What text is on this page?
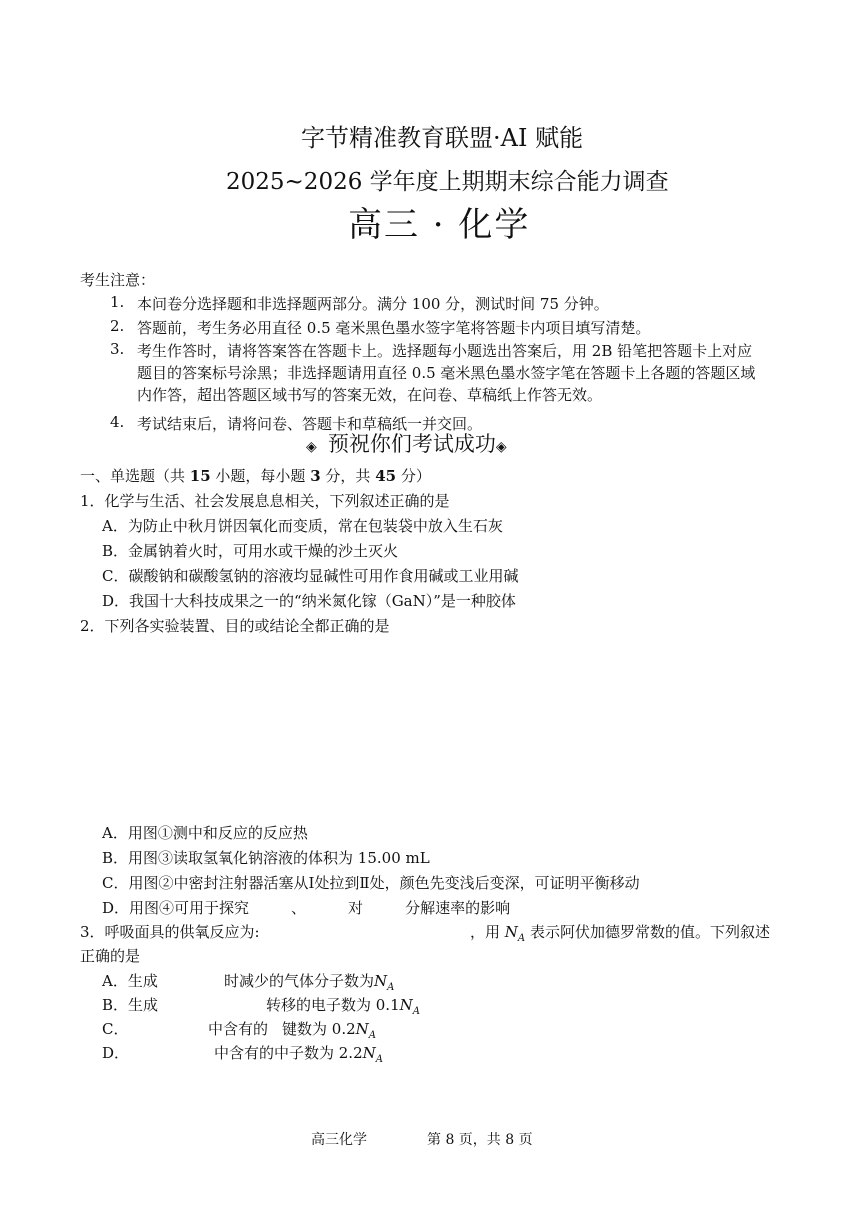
字节精准教育联盟·AI 赋能
2025~2026 学年度上期期末综合能力调查
高三 · 化学
考生注意：
1. 本问卷分选择题和非选择题两部分。满分 100 分，测试时间 75 分钟。
2. 答题前，考生务必用直径 0.5 毫米黑色墨水签字笔将答题卡内项目填写清楚。
3. 考生作答时，请将答案答在答题卡上。选择题每小题选出答案后，用 2B 铅笔把答题卡上对应
题目的答案标号涂黑；非选择题请用直径 0.5 毫米黑色墨水签字笔在答题卡上各题的答题区域
内作答，超出答题区域书写的答案无效，在问卷、草稿纸上作答无效。
4. 考试结束后，请将问卷、答题卡和草稿纸一并交回。
◈ 预祝你们考试成功◈
一、单选题（共 15 小题，每小题 3 分，共 45 分）
1．化学与生活、社会发展息息相关，下列叙述正确的是
A．为防止中秋月饼因氧化而变质，常在包装袋中放入生石灰
B．金属钠着火时，可用水或干燥的沙土灭火
C．碳酸钠和碳酸氢钠的溶液均显碱性可用作食用碱或工业用碱
D．我国十大科技成果之一的“纳米氮化镓（GaN）”是一种胶体
2．下列各实验装置、目的或结论全都正确的是
A．用图①测中和反应的反应热
B．用图③读取氢氧化钠溶液的体积为 15.00 mL
C．用图②中密封注射器活塞从Ⅰ处拉到Ⅱ处，颜色先变浅后变深，可证明平衡移动
D．用图④可用于探究	、	对	分解速率的影响
3．呼吸面具的供氧反应为:	，用 $N_A$ 表示阿伏加德罗常数的值。下列叙述
正确的是
A．生成	时减少的气体分子数为$N_A$
B．生成	转移的电子数为 $0.1N_A$
C．	中含有的 键数为 $0.2N_A$
D．	中含有的中子数为 $2.2N_A$
高三化学	第 8 页，共 8 页
